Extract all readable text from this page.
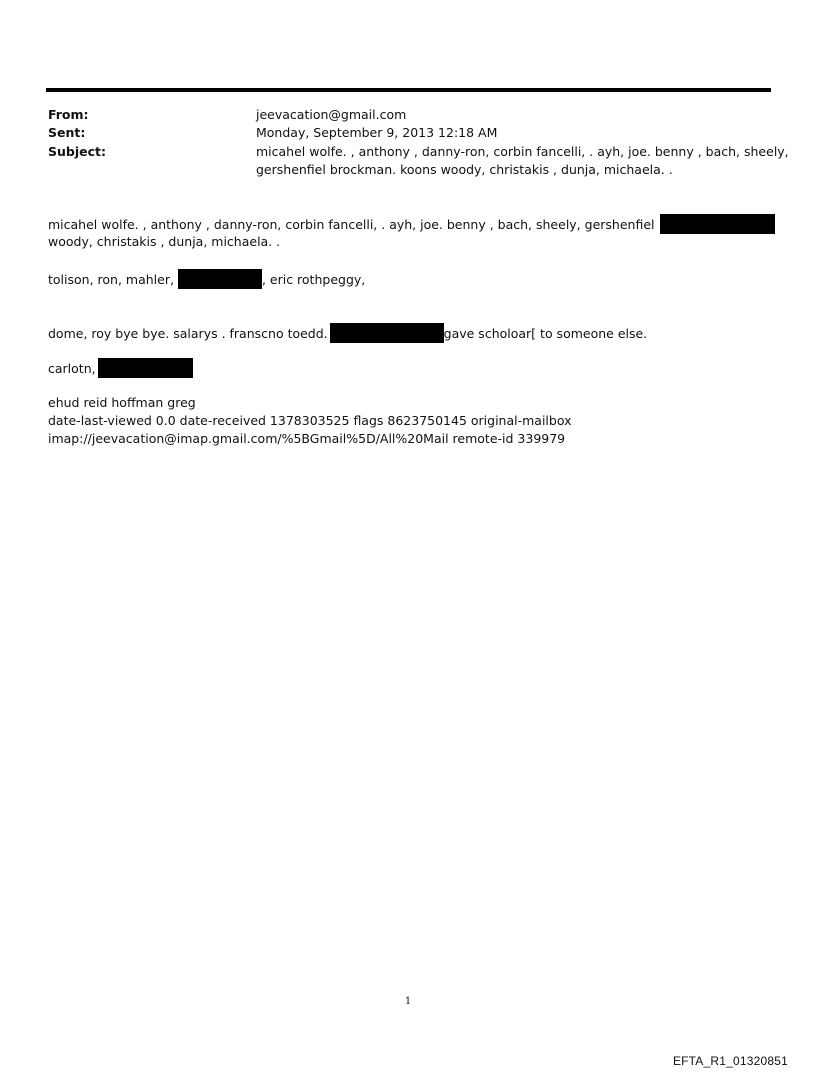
From:	jeevacation@gmail.com
Sent:	Monday, September 9, 2013 12:18 AM
Subject:	micahel wolfe. , anthony , danny-ron, corbin fancelli, . ayh, joe. benny , bach, sheely,
gershenfiel brockman. koons woody, christakis , dunja, michaela. .
micahel wolfe. , anthony , danny-ron, corbin fancelli, . ayh, joe. benny , bach, sheely, gershenfiel
woody, christakis , dunja, michaela. .
tolison, ron, mahler,	, eric rothpeggy,
dome, roy bye bye. salarys . franscno toedd.	gave scholoar[ to someone else.
carlotn,
ehud reid hoffman greg
date-last-viewed 0.0 date-received 1378303525 flags 8623750145 original-mailbox
imap://jeevacation@imap.gmail.com/%5BGmail%5D/All%20Mail remote-id 339979
1
EFTA_R1_01320851
